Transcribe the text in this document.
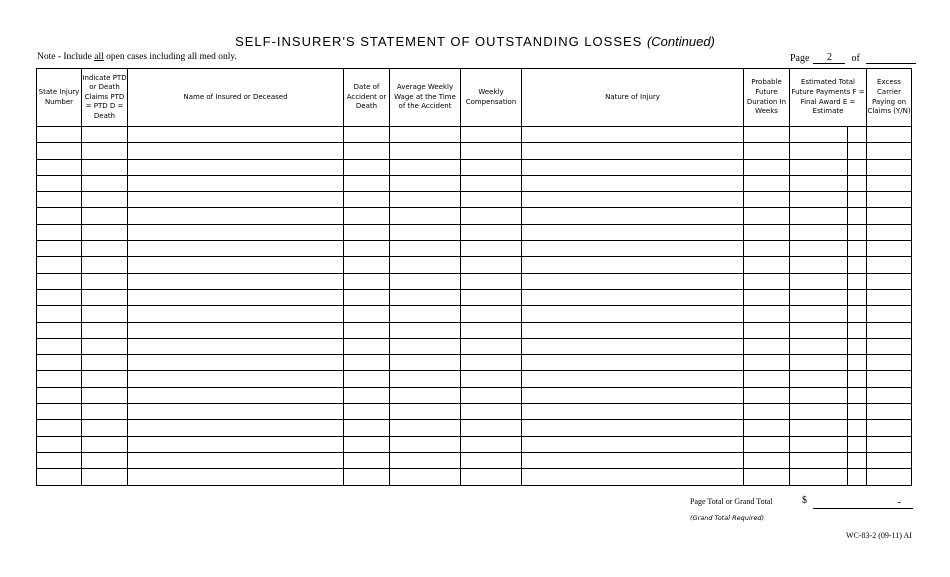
SELF-INSURER'S STATEMENT OF OUTSTANDING LOSSES (Continued)
Note - Include all open cases including all med only.	Page	2	of
State Injury Number	Indicate PTD or Death Claims PTD = PTD D = Death	Name of Insured or Deceased	Date of Accident or Death	Average Weekly Wage at the Time of the Accident	Weekly Compensation	Nature of Injury	Probable Future Duration In Weeks	Estimated Total Future Payments F = Final Award E = Estimate		Excess Carrier Paying on Claims (Y/N)

Page Total or Grand Total	$	-
(Grand Total Required)
WC-83-2 (09-11) AI
